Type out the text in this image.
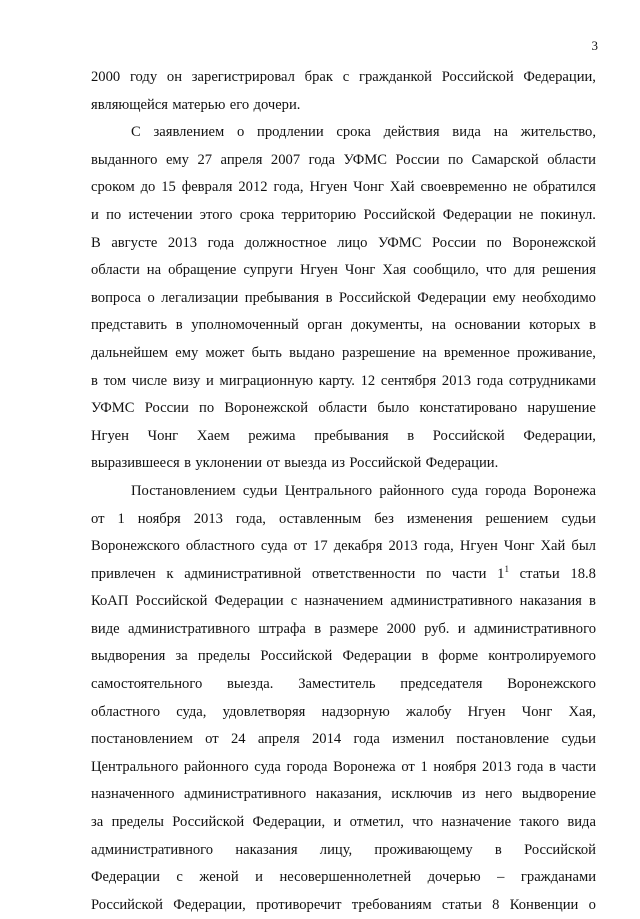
3
2000 году он зарегистрировал брак с гражданкой Российской Федерации,
являющейся матерью его дочери.
С заявлением о продлении срока действия вида на жительство,
выданного ему 27 апреля 2007 года УФМС России по Самарской области
сроком до 15 февраля 2012 года, Нгуен Чонг Хай своевременно не обратился
и по истечении этого срока территорию Российской Федерации не покинул.
В августе 2013 года должностное лицо УФМС России по Воронежской
области на обращение супруги Нгуен Чонг Хая сообщило, что для решения
вопроса о легализации пребывания в Российской Федерации ему необходимо
представить в уполномоченный орган документы, на основании которых в
дальнейшем ему может быть выдано разрешение на временное проживание,
в том числе визу и миграционную карту. 12 сентября 2013 года сотрудниками
УФМС России по Воронежской области было констатировано нарушение
Нгуен Чонг Хаем режима пребывания в Российской Федерации,
выразившееся в уклонении от выезда из Российской Федерации.
Постановлением судьи Центрального районного суда города Воронежа
от 1 ноября 2013 года, оставленным без изменения решением судьи
Воронежского областного суда от 17 декабря 2013 года, Нгуен Чонг Хай был
привлечен к административной ответственности по части $1^1$ статьи 18.8
КоАП Российской Федерации с назначением административного наказания в
виде административного штрафа в размере 2000 руб. и административного
выдворения за пределы Российской Федерации в форме контролируемого
самостоятельного выезда. Заместитель председателя Воронежского
областного суда, удовлетворяя надзорную жалобу Нгуен Чонг Хая,
постановлением от 24 апреля 2014 года изменил постановление судьи
Центрального районного суда города Воронежа от 1 ноября 2013 года в части
назначенного административного наказания, исключив из него выдворение
за пределы Российской Федерации, и отметил, что назначение такого вида
административного наказания лицу, проживающему в Российской
Федерации с женой и несовершеннолетней дочерью – гражданами
Российской Федерации, противоречит требованиям статьи 8 Конвенции о
